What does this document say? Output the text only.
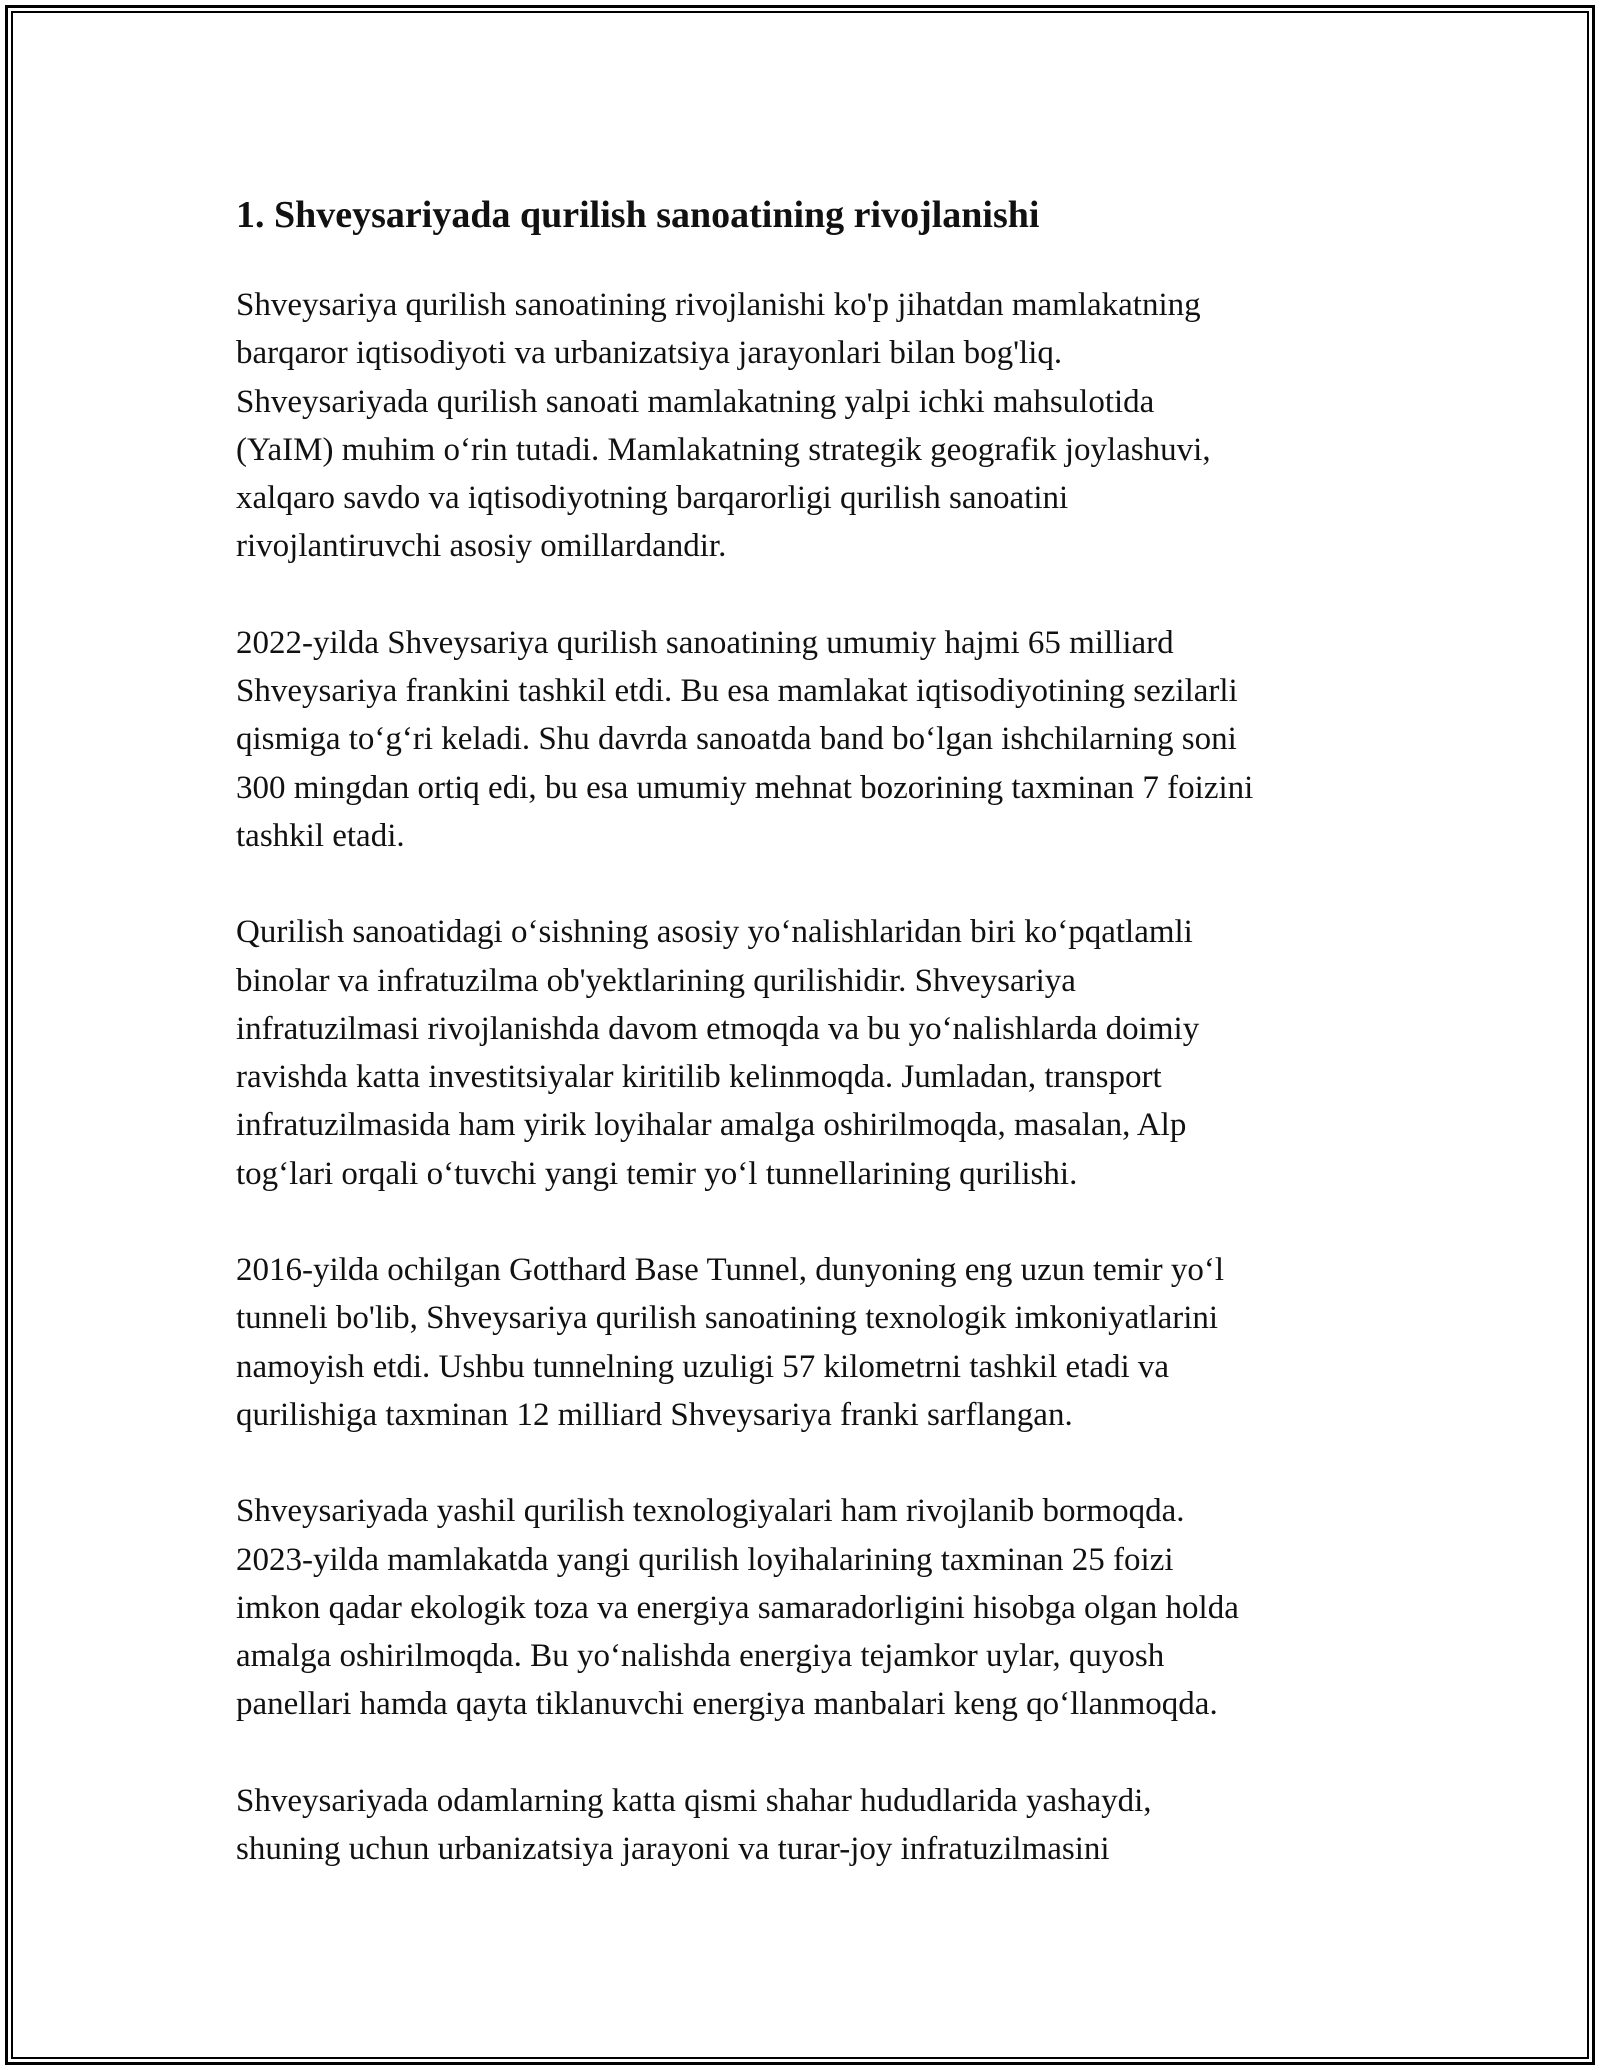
1. Shveysariyada qurilish sanoatining rivojlanishi

Shveysariya qurilish sanoatining rivojlanishi ko'p jihatdan mamlakatning
barqaror iqtisodiyoti va urbanizatsiya jarayonlari bilan bog'liq.
Shveysariyada qurilish sanoati mamlakatning yalpi ichki mahsulotida
(YaIM) muhim o‘rin tutadi. Mamlakatning strategik geografik joylashuvi,
xalqaro savdo va iqtisodiyotning barqarorligi qurilish sanoatini
rivojlantiruvchi asosiy omillardandir.

2022-yilda Shveysariya qurilish sanoatining umumiy hajmi 65 milliard
Shveysariya frankini tashkil etdi. Bu esa mamlakat iqtisodiyotining sezilarli
qismiga to‘g‘ri keladi. Shu davrda sanoatda band bo‘lgan ishchilarning soni
300 mingdan ortiq edi, bu esa umumiy mehnat bozorining taxminan 7 foizini
tashkil etadi.

Qurilish sanoatidagi o‘sishning asosiy yo‘nalishlaridan biri ko‘pqatlamli
binolar va infratuzilma ob'yektlarining qurilishidir. Shveysariya
infratuzilmasi rivojlanishda davom etmoqda va bu yo‘nalishlarda doimiy
ravishda katta investitsiyalar kiritilib kelinmoqda. Jumladan, transport
infratuzilmasida ham yirik loyihalar amalga oshirilmoqda, masalan, Alp
tog‘lari orqali o‘tuvchi yangi temir yo‘l tunnellarining qurilishi.

2016-yilda ochilgan Gotthard Base Tunnel, dunyoning eng uzun temir yo‘l
tunneli bo'lib, Shveysariya qurilish sanoatining texnologik imkoniyatlarini
namoyish etdi. Ushbu tunnelning uzuligi 57 kilometrni tashkil etadi va
qurilishiga taxminan 12 milliard Shveysariya franki sarflangan.

Shveysariyada yashil qurilish texnologiyalari ham rivojlanib bormoqda.
2023-yilda mamlakatda yangi qurilish loyihalarining taxminan 25 foizi
imkon qadar ekologik toza va energiya samaradorligini hisobga olgan holda
amalga oshirilmoqda. Bu yo‘nalishda energiya tejamkor uylar, quyosh
panellari hamda qayta tiklanuvchi energiya manbalari keng qo‘llanmoqda.

Shveysariyada odamlarning katta qismi shahar hududlarida yashaydi,
shuning uchun urbanizatsiya jarayoni va turar-joy infratuzilmasini
